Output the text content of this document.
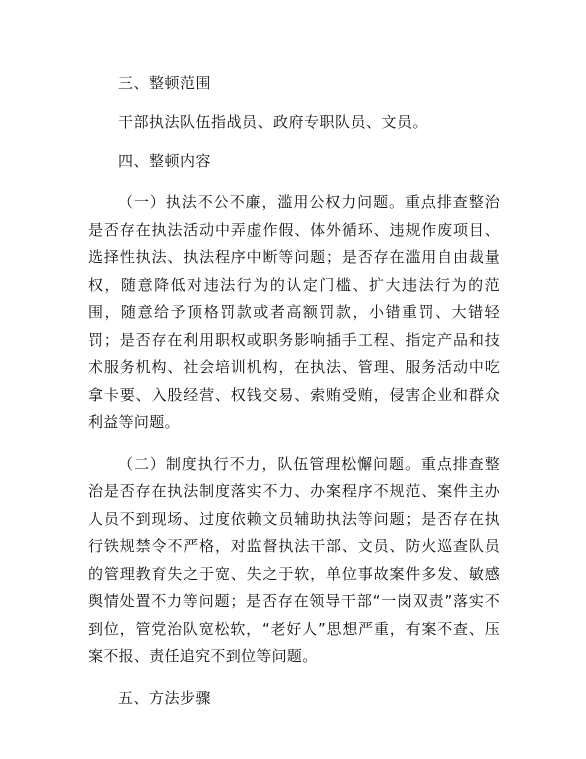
三、整顿范围

干部执法队伍指战员、政府专职队员、文员。

四、整顿内容

（一）执法不公不廉，滥用公权力问题。重点排查整治是否存在执法活动中弄虚作假、体外循环、违规作废项目、选择性执法、执法程序中断等问题；是否存在滥用自由裁量权，随意降低对违法行为的认定门槛、扩大违法行为的范围，随意给予顶格罚款或者高额罚款，小错重罚、大错轻罚；是否存在利用职权或职务影响插手工程、指定产品和技术服务机构、社会培训机构，在执法、管理、服务活动中吃拿卡要、入股经营、权钱交易、索贿受贿，侵害企业和群众利益等问题。

（二）制度执行不力，队伍管理松懈问题。重点排查整治是否存在执法制度落实不力、办案程序不规范、案件主办人员不到现场、过度依赖文员辅助执法等问题；是否存在执行铁规禁令不严格，对监督执法干部、文员、防火巡查队员的管理教育失之于宽、失之于软，单位事故案件多发、敏感舆情处置不力等问题；是否存在领导干部“一岗双责”落实不到位，管党治队宽松软，“老好人”思想严重，有案不查、压案不报、责任追究不到位等问题。

五、方法步骤
